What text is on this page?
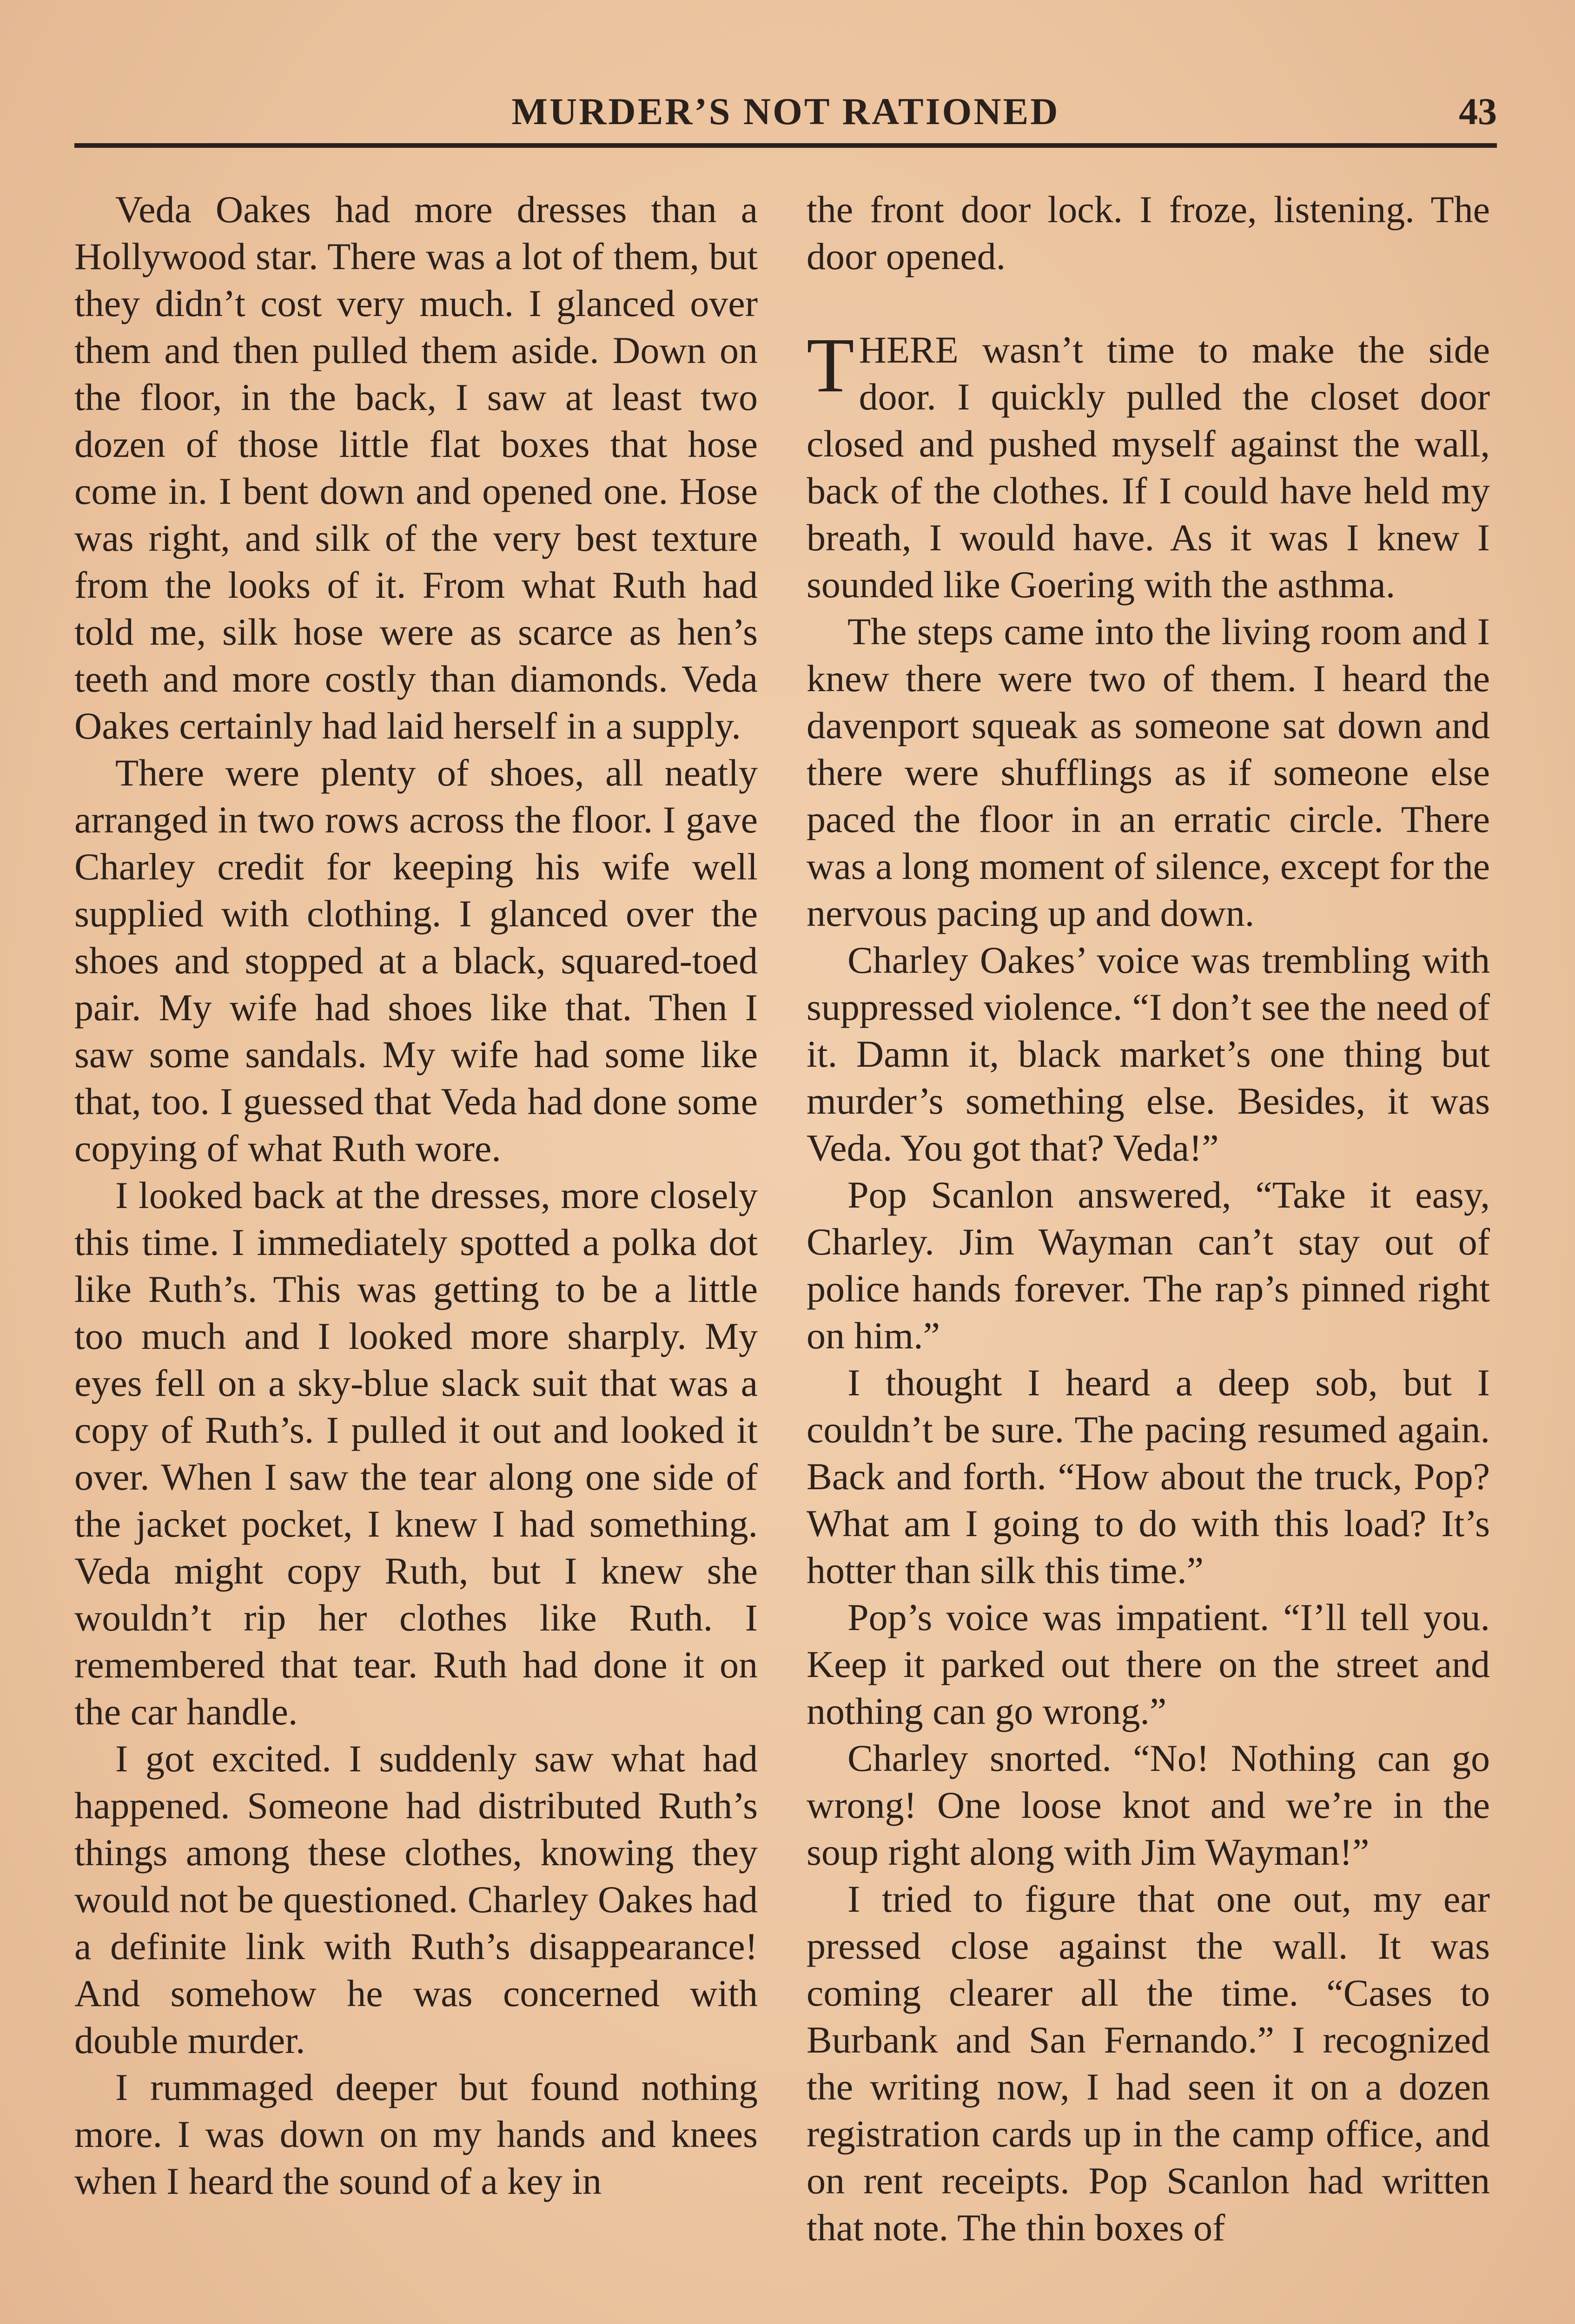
MURDER’S NOT RATIONED	43

Veda Oakes had more dresses than a Hollywood star. There was a lot of them, but they didn’t cost very much. I glanced over them and then pulled them aside. Down on the floor, in the back, I saw at least two dozen of those little flat boxes that hose come in. I bent down and opened one. Hose was right, and silk of the very best texture from the looks of it. From what Ruth had told me, silk hose were as scarce as hen’s teeth and more costly than diamonds. Veda Oakes certainly had laid herself in a supply.

There were plenty of shoes, all neatly arranged in two rows across the floor. I gave Charley credit for keeping his wife well supplied with clothing. I glanced over the shoes and stopped at a black, squared-toed pair. My wife had shoes like that. Then I saw some sandals. My wife had some like that, too. I guessed that Veda had done some copying of what Ruth wore.

I looked back at the dresses, more closely this time. I immediately spotted a polka dot like Ruth’s. This was getting to be a little too much and I looked more sharply. My eyes fell on a sky-blue slack suit that was a copy of Ruth’s. I pulled it out and looked it over. When I saw the tear along one side of the jacket pocket, I knew I had something. Veda might copy Ruth, but I knew she wouldn’t rip her clothes like Ruth. I remembered that tear. Ruth had done it on the car handle.

I got excited. I suddenly saw what had happened. Someone had distributed Ruth’s things among these clothes, knowing they would not be questioned. Charley Oakes had a definite link with Ruth’s disappearance! And somehow he was concerned with double murder.

I rummaged deeper but found nothing more. I was down on my hands and knees when I heard the sound of a key in

the front door lock. I froze, listening. The door opened.

THERE wasn’t time to make the side door. I quickly pulled the closet door closed and pushed myself against the wall, back of the clothes. If I could have held my breath, I would have. As it was I knew I sounded like Goering with the asthma.

The steps came into the living room and I knew there were two of them. I heard the davenport squeak as someone sat down and there were shufflings as if someone else paced the floor in an erratic circle. There was a long moment of silence, except for the nervous pacing up and down.

Charley Oakes’ voice was trembling with suppressed violence. “I don’t see the need of it. Damn it, black market’s one thing but murder’s something else. Besides, it was Veda. You got that? Veda!”

Pop Scanlon answered, “Take it easy, Charley. Jim Wayman can’t stay out of police hands forever. The rap’s pinned right on him.”

I thought I heard a deep sob, but I couldn’t be sure. The pacing resumed again. Back and forth. “How about the truck, Pop? What am I going to do with this load? It’s hotter than silk this time.”

Pop’s voice was impatient. “I’ll tell you. Keep it parked out there on the street and nothing can go wrong.”

Charley snorted. “No! Nothing can go wrong! One loose knot and we’re in the soup right along with Jim Wayman!”

I tried to figure that one out, my ear pressed close against the wall. It was coming clearer all the time. “Cases to Burbank and San Fernando.” I recognized the writing now, I had seen it on a dozen registration cards up in the camp office, and on rent receipts. Pop Scanlon had written that note. The thin boxes of
